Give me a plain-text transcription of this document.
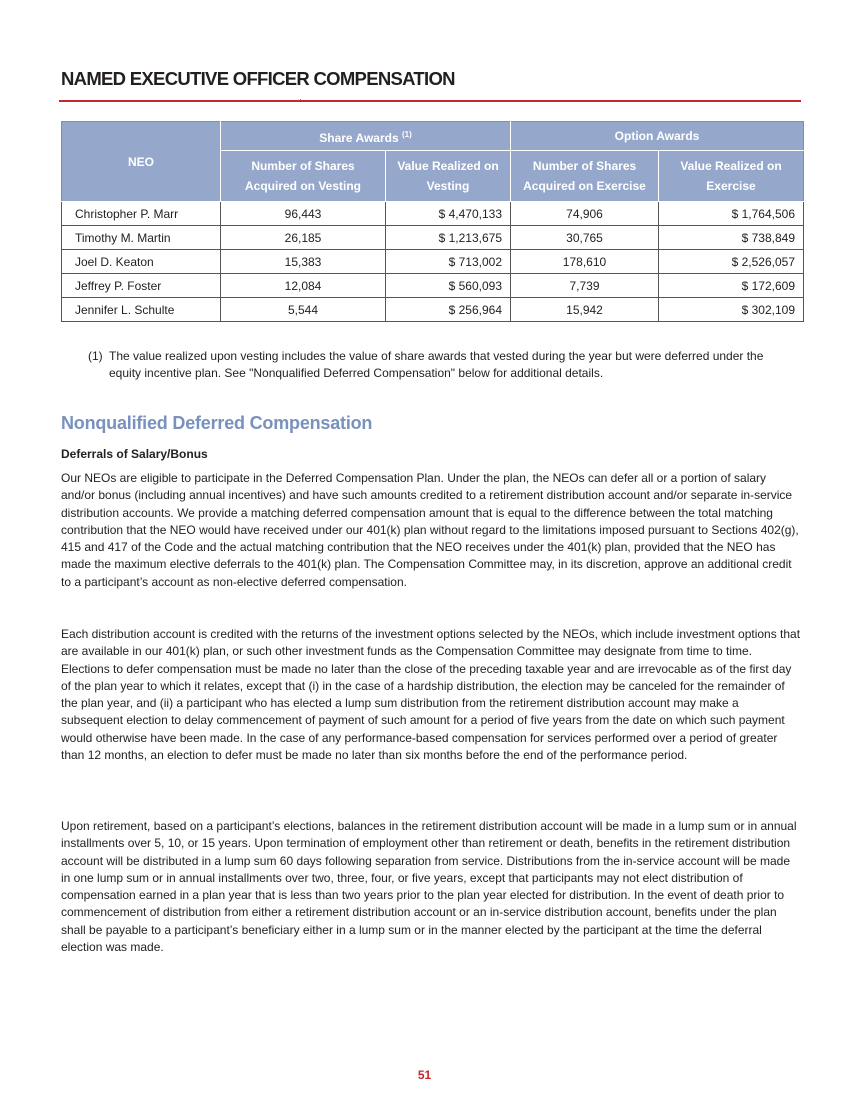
NAMED EXECUTIVE OFFICER COMPENSATION
NEO	Share Awards $^{(1)}$		Option Awards	
	Number of Shares Acquired on Vesting	Value Realized on Vesting	Number of Shares Acquired on Exercise	Value Realized on Exercise
Christopher P. Marr	96,443	$ 4,470,133	74,906	$ 1,764,506
Timothy M. Martin	26,185	$ 1,213,675	30,765	$ 738,849
Joel D. Keaton	15,383	$ 713,002	178,610	$ 2,526,057
Jeffrey P. Foster	12,084	$ 560,093	7,739	$ 172,609
Jennifer L. Schulte	5,544	$ 256,964	15,942	$ 302,109
(1) The value realized upon vesting includes the value of share awards that vested during the year but were deferred under the equity incentive plan. See "Nonqualified Deferred Compensation" below for additional details.
Nonqualified Deferred Compensation
Deferrals of Salary/Bonus

Our NEOs are eligible to participate in the Deferred Compensation Plan. Under the plan, the NEOs can defer all or a portion of salary and/or bonus (including annual incentives) and have such amounts credited to a retirement distribution account and/or separate in-service distribution accounts. We provide a matching deferred compensation amount that is equal to the difference between the total matching contribution that the NEO would have received under our 401(k) plan without regard to the limitations imposed pursuant to Sections 402(g), 415 and 417 of the Code and the actual matching contribution that the NEO receives under the 401(k) plan, provided that the NEO has made the maximum elective deferrals to the 401(k) plan. The Compensation Committee may, in its discretion, approve an additional credit to a participant’s account as non-elective deferred compensation.

Each distribution account is credited with the returns of the investment options selected by the NEOs, which include investment options that are available in our 401(k) plan, or such other investment funds as the Compensation Committee may designate from time to time. Elections to defer compensation must be made no later than the close of the preceding taxable year and are irrevocable as of the first day of the plan year to which it relates, except that (i) in the case of a hardship distribution, the election may be canceled for the remainder of the plan year, and (ii) a participant who has elected a lump sum distribution from the retirement distribution account may make a subsequent election to delay commencement of payment of such amount for a period of five years from the date on which such payment would otherwise have been made. In the case of any performance-based compensation for services performed over a period of greater than 12 months, an election to defer must be made no later than six months before the end of the performance period.

Upon retirement, based on a participant’s elections, balances in the retirement distribution account will be made in a lump sum or in annual installments over 5, 10, or 15 years. Upon termination of employment other than retirement or death, benefits in the retirement distribution account will be distributed in a lump sum 60 days following separation from service. Distributions from the in-service account will be made in one lump sum or in annual installments over two, three, four, or five years, except that participants may not elect distribution of compensation earned in a plan year that is less than two years prior to the plan year elected for distribution. In the event of death prior to commencement of distribution from either a retirement distribution account or an in-service distribution account, benefits under the plan shall be payable to a participant’s beneficiary either in a lump sum or in the manner elected by the participant at the time the deferral election was made.

51
